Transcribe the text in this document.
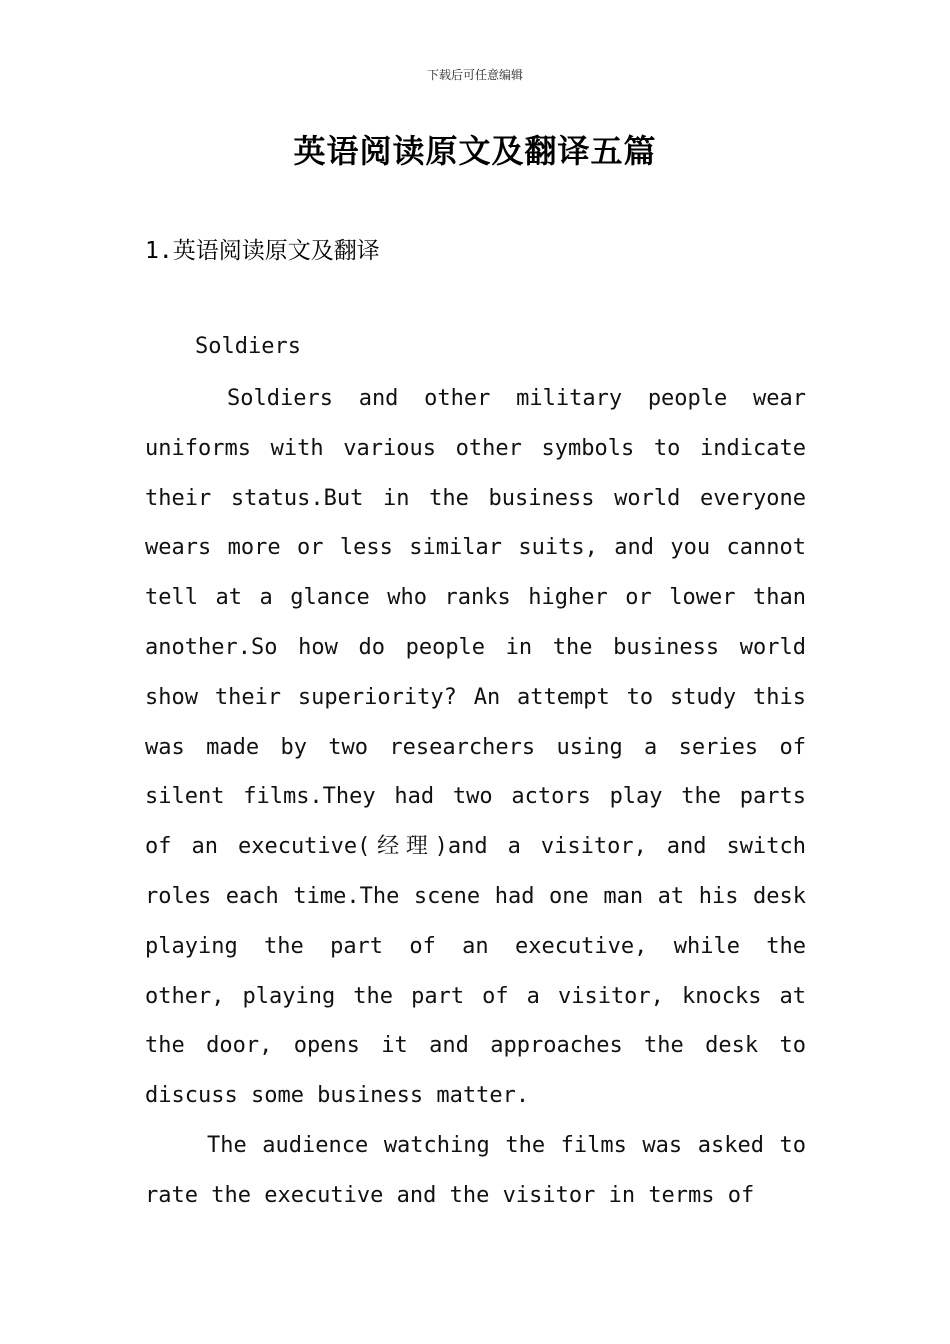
下载后可任意编辑
英语阅读原文及翻译五篇
1.英语阅读原文及翻译
Soldiers
Soldiers and other military people wear uniforms with various other symbols to indicate their status.But in the business world everyone wears more or less similar suits, and you cannot tell at a glance who ranks higher or lower than another.So how do people in the business world show their superiority? An attempt to study this was made by two researchers using a series of silent films.They had two actors play the parts of an executive(经理)and a visitor, and switch roles each time.The scene had one man at his desk playing the part of an executive, while the other, playing the part of a visitor, knocks at the door, opens it and approaches the desk to discuss some business matter.
The audience watching the films was asked to rate the executive and the visitor in terms of
